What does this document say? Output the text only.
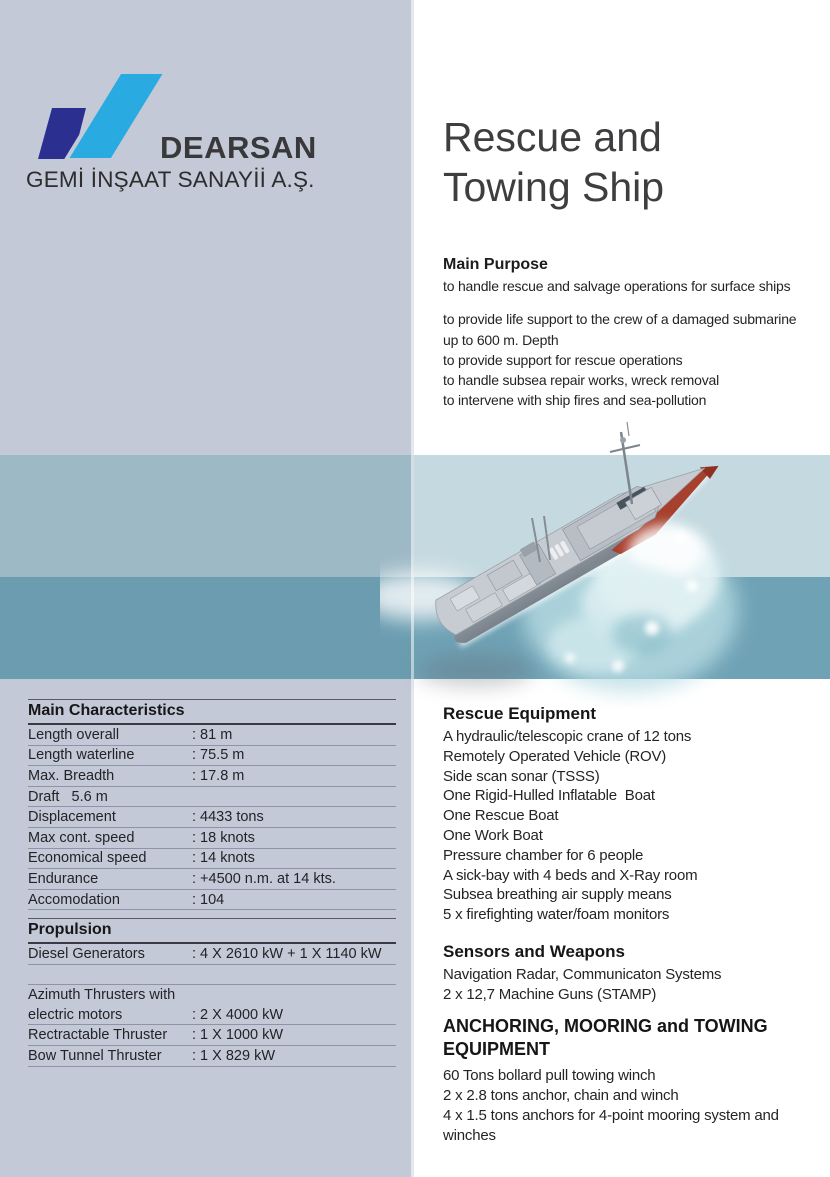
DEARSAN
GEMİ İNŞAAT SANAYİİ A.Ş.
Rescue and
Towing Ship
Main Purpose
to handle rescue and salvage operations for surface ships
to provide life support to the crew of a damaged submarine
up to 600 m. Depth
to provide support for rescue operations
to handle subsea repair works, wreck removal
to intervene with ship fires and sea-pollution
Main Characteristics
Length overall	: 81 m
Length waterline	: 75.5 m
Max. Breadth	: 17.8 m
Draft   5.6 m
Displacement	: 4433 tons
Max cont. speed	: 18 knots
Economical speed	: 14 knots
Endurance	: +4500 n.m. at 14 kts.
Accomodation	: 104
Propulsion
Diesel Generators	: 4 X 2610 kW + 1 X 1140 kW
Azimuth Thrusters with
electric motors	: 2 X 4000 kW
Rectractable Thruster	: 1 X 1000 kW
Bow Tunnel Thruster	: 1 X 829 kW
Rescue Equipment
A hydraulic/telescopic crane of 12 tons
Remotely Operated Vehicle (ROV)
Side scan sonar (TSSS)
One Rigid-Hulled Inflatable  Boat
One Rescue Boat
One Work Boat
Pressure chamber for 6 people
A sick-bay with 4 beds and X-Ray room
Subsea breathing air supply means
5 x firefighting water/foam monitors
Sensors and Weapons
Navigation Radar, Communicaton Systems
2 x 12,7 Machine Guns (STAMP)
ANCHORING, MOORING and TOWING EQUIPMENT
60 Tons bollard pull towing winch
2 x 2.8 tons anchor, chain and winch
4 x 1.5 tons anchors for 4-point mooring system and winches
